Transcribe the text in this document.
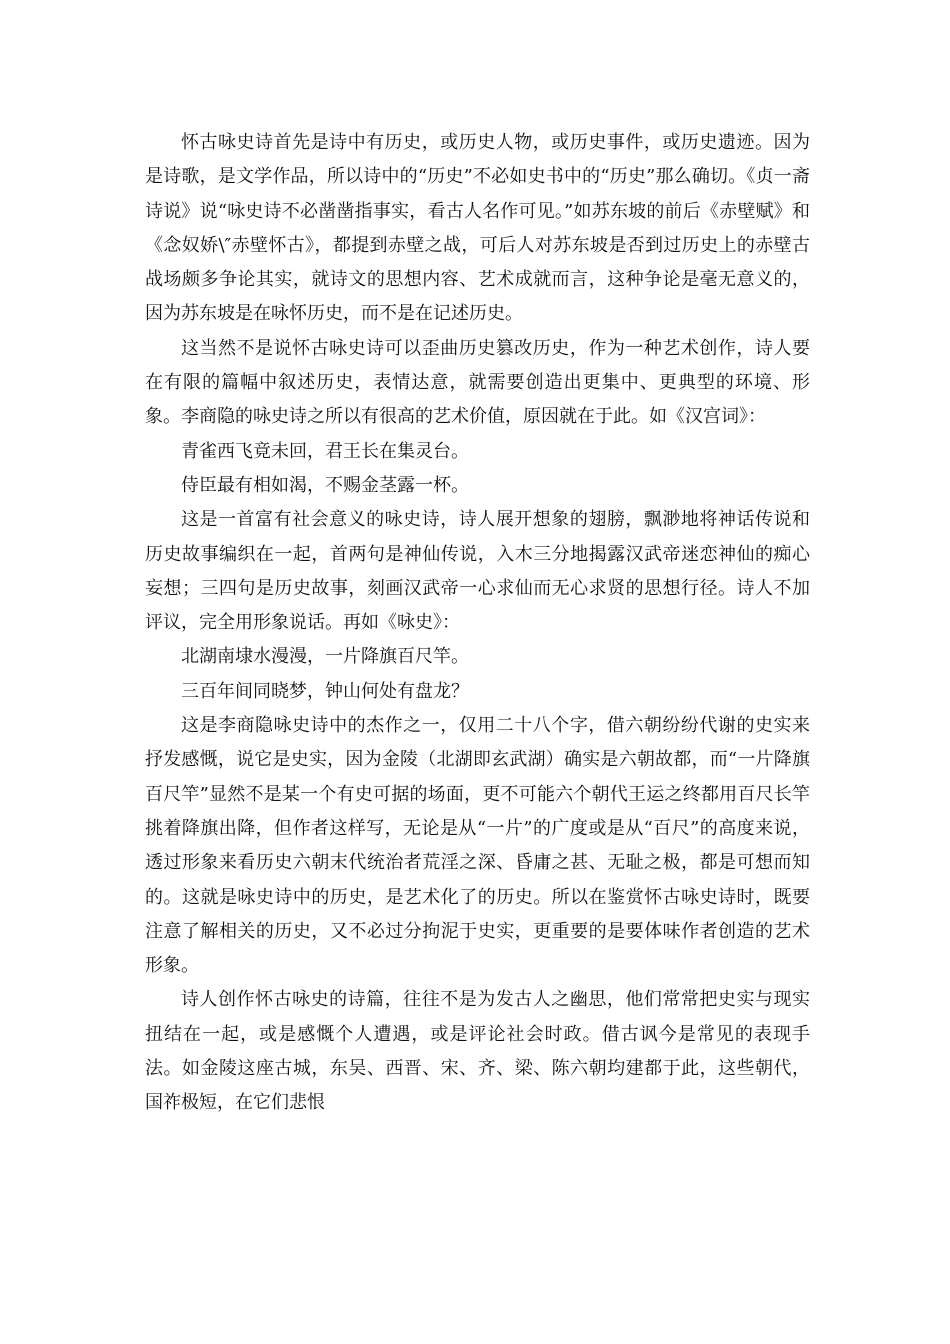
怀古咏史诗首先是诗中有历史，或历史人物，或历史事件，或历史遗迹。因为是诗歌，是文学作品，所以诗中的“历史”不必如史书中的“历史”那么确切。《贞一斋诗说》说“咏史诗不必凿凿指事实，看古人名作可见。”如苏东坡的前后《赤壁赋》和《念奴娇\″赤壁怀古》，都提到赤壁之战，可后人对苏东坡是否到过历史上的赤壁古战场颇多争论其实，就诗文的思想内容、艺术成就而言，这种争论是毫无意义的，因为苏东坡是在咏怀历史，而不是在记述历史。

这当然不是说怀古咏史诗可以歪曲历史篡改历史，作为一种艺术创作，诗人要在有限的篇幅中叙述历史，表情达意，就需要创造出更集中、更典型的环境、形象。李商隐的咏史诗之所以有很高的艺术价值，原因就在于此。如《汉宫词》：

青雀西飞竟未回，君王长在集灵台。

侍臣最有相如渴，不赐金茎露一杯。

这是一首富有社会意义的咏史诗，诗人展开想象的翅膀，飘渺地将神话传说和历史故事编织在一起，首两句是神仙传说，入木三分地揭露汉武帝迷恋神仙的痴心妄想；三四句是历史故事，刻画汉武帝一心求仙而无心求贤的思想行径。诗人不加评议，完全用形象说话。再如《咏史》：

北湖南埭水漫漫，一片降旗百尺竿。

三百年间同晓梦，钟山何处有盘龙？

这是李商隐咏史诗中的杰作之一，仅用二十八个字，借六朝纷纷代谢的史实来抒发感慨，说它是史实，因为金陵（北湖即玄武湖）确实是六朝故都，而“一片降旗百尺竿”显然不是某一个有史可据的场面，更不可能六个朝代王运之终都用百尺长竿挑着降旗出降，但作者这样写，无论是从“一片”的广度或是从“百尺”的高度来说，透过形象来看历史六朝末代统治者荒淫之深、昏庸之甚、无耻之极，都是可想而知的。这就是咏史诗中的历史，是艺术化了的历史。所以在鉴赏怀古咏史诗时，既要注意了解相关的历史，又不必过分拘泥于史实，更重要的是要体味作者创造的艺术形象。

诗人创作怀古咏史的诗篇，往往不是为发古人之幽思，他们常常把史实与现实扭结在一起，或是感慨个人遭遇，或是评论社会时政。借古讽今是常见的表现手法。如金陵这座古城，东吴、西晋、宋、齐、梁、陈六朝均建都于此，这些朝代，国祚极短，在它们悲恨
